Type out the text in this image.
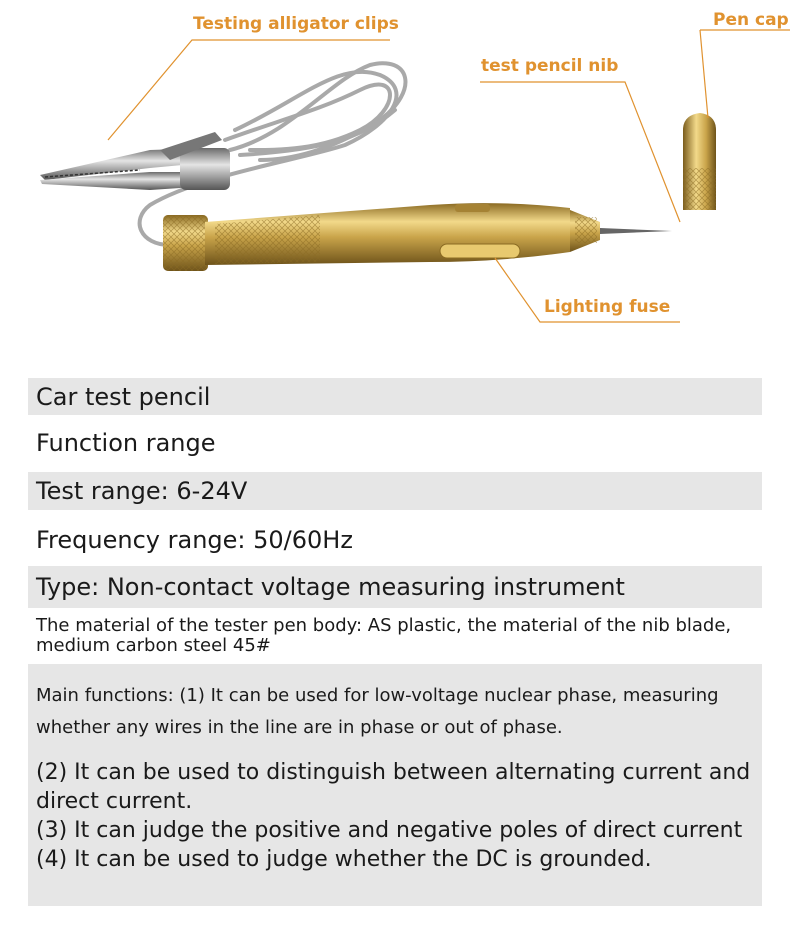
Testing alligator clips	Pen cap
test pencil nib
Lighting fuse
Car test pencil
Function range
Test range: 6-24V
Frequency range: 50/60Hz
Type: Non-contact voltage measuring instrument
The material of the tester pen body: AS plastic, the material of the nib blade, medium carbon steel 45#
Main functions: (1) It can be used for low-voltage nuclear phase, measuring whether any wires in the line are in phase or out of phase.
(2) It can be used to distinguish between alternating current and direct current.
(3) It can judge the positive and negative poles of direct current
(4) It can be used to judge whether the DC is grounded.
